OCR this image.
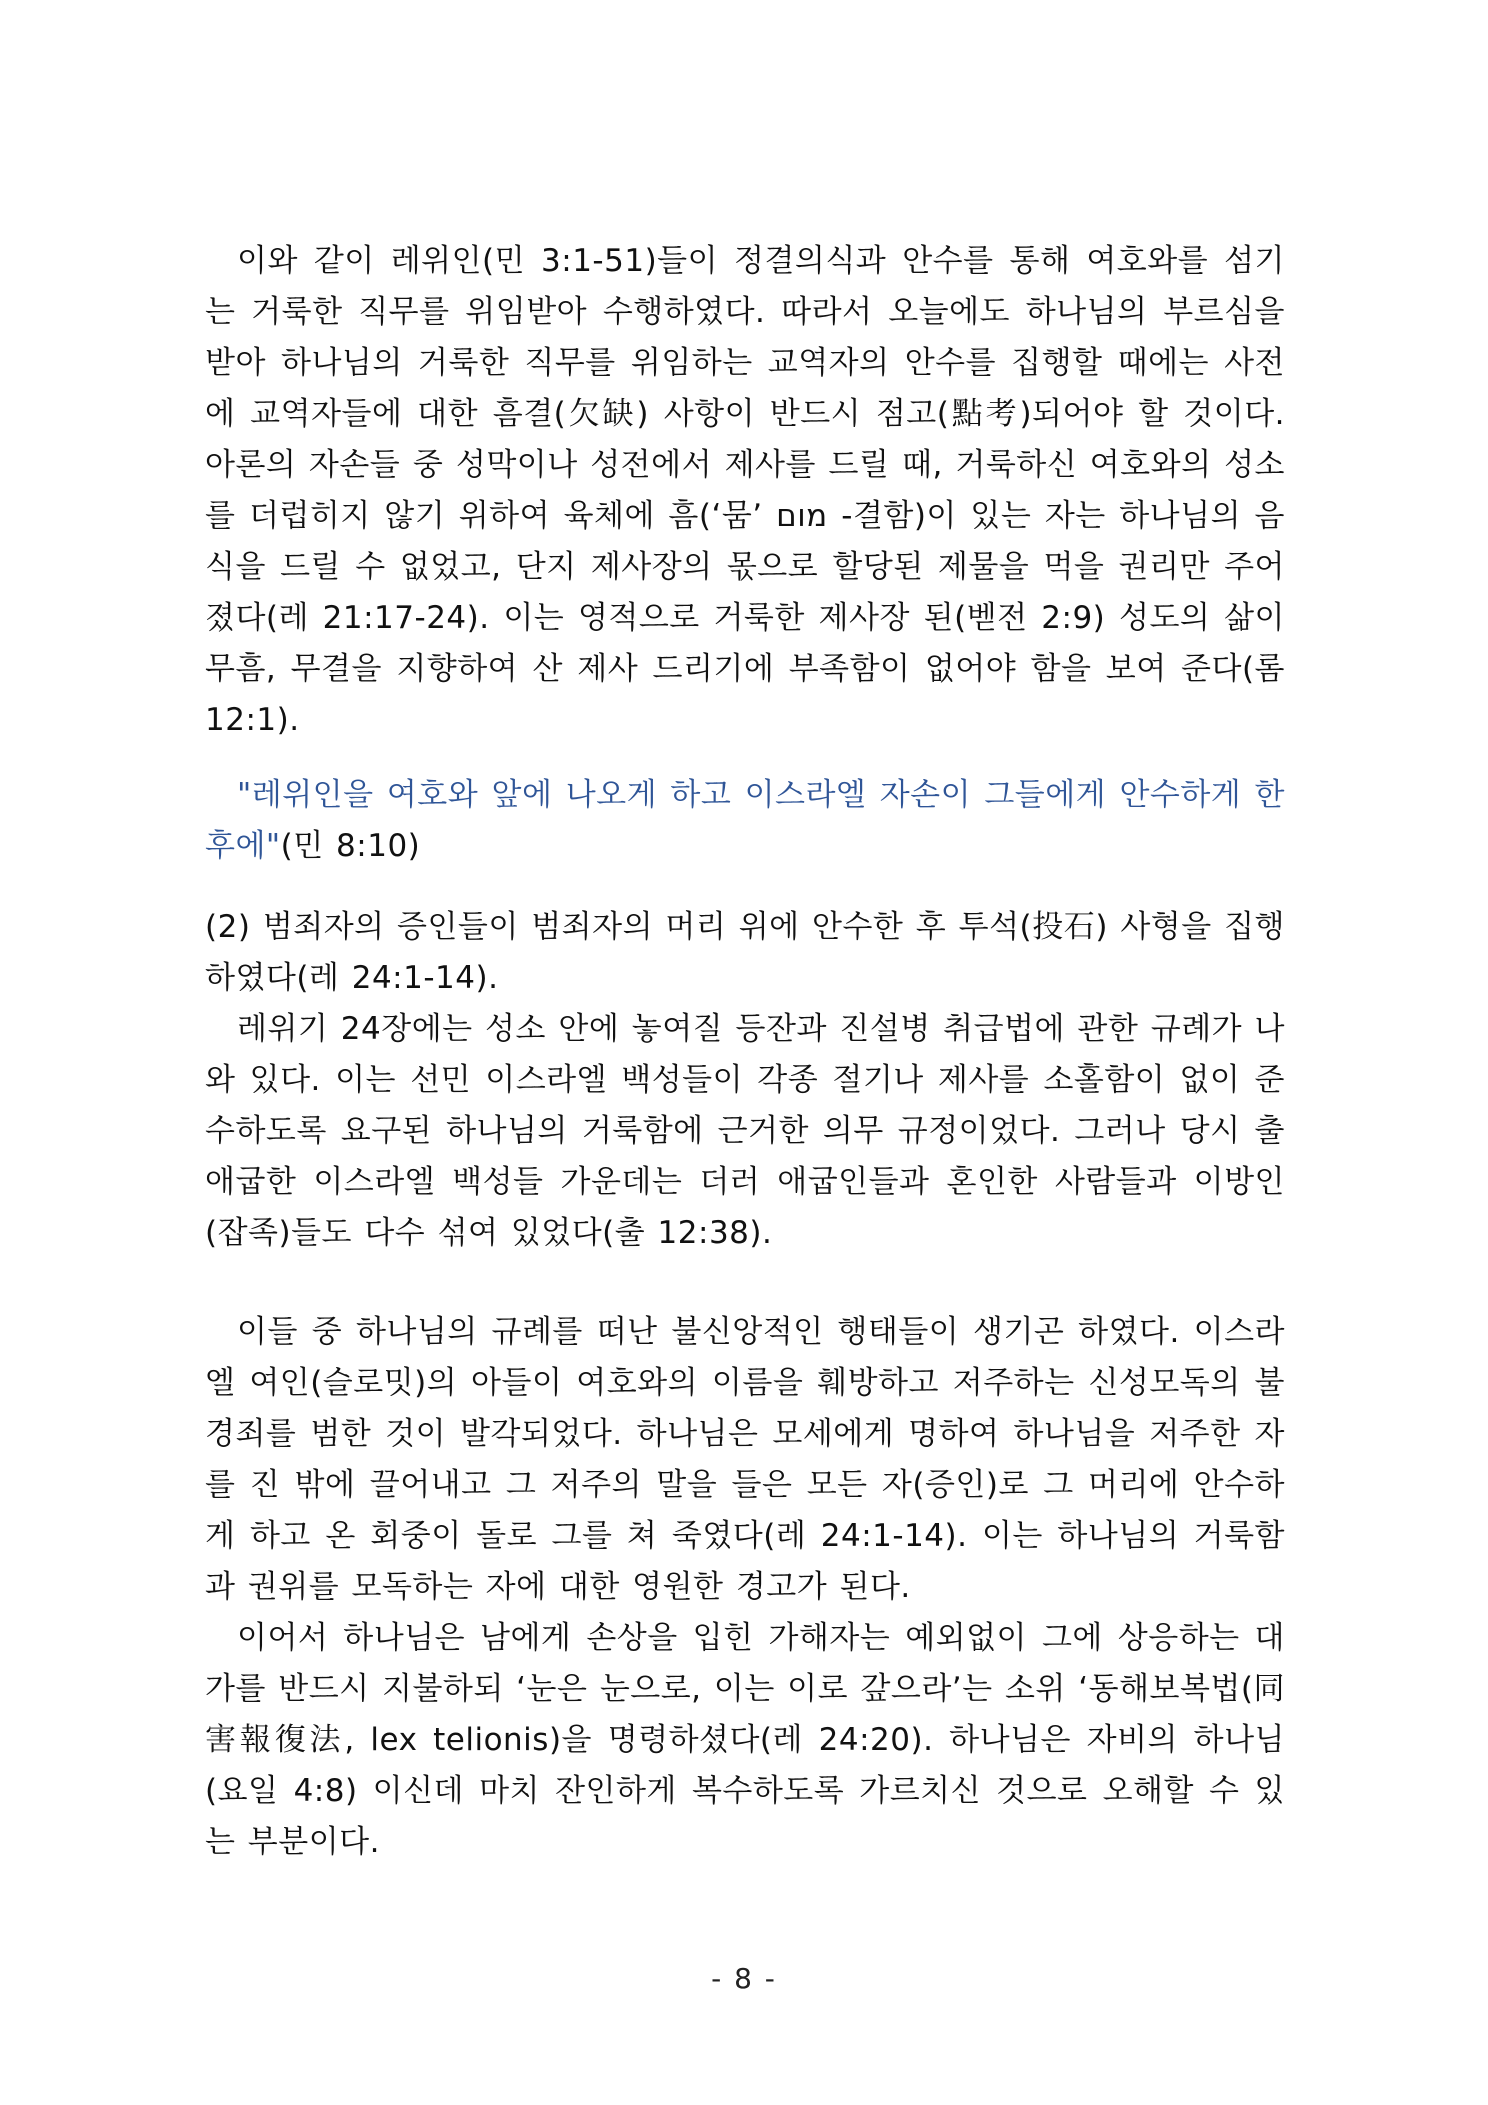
이와 같이 레위인(민 3:1-51)들이 정결의식과 안수를 통해 여호와를 섬기는 거룩한 직무를 위임받아 수행하였다. 따라서 오늘에도 하나님의 부르심을 받아 하나님의 거룩한 직무를 위임하는 교역자의 안수를 집행할 때에는 사전에 교역자들에 대한 흠결(欠缺) 사항이 반드시 점고(點考)되어야 할 것이다. 아론의 자손들 중 성막이나 성전에서 제사를 드릴 때, 거룩하신 여호와의 성소를 더럽히지 않기 위하여 육체에 흠(‘뭄’ מום -결함)이 있는 자는 하나님의 음식을 드릴 수 없었고, 단지 제사장의 몫으로 할당된 제물을 먹을 권리만 주어졌다(레 21:17-24). 이는 영적으로 거룩한 제사장 된(벧전 2:9) 성도의 삶이 무흠, 무결을 지향하여 산 제사 드리기에 부족함이 없어야 함을 보여 준다(롬 12:1).

"레위인을 여호와 앞에 나오게 하고 이스라엘 자손이 그들에게 안수하게 한 후에"(민 8:10)

(2) 범죄자의 증인들이 범죄자의 머리 위에 안수한 후 투석(投石) 사형을 집행하였다(레 24:1-14).

레위기 24장에는 성소 안에 놓여질 등잔과 진설병 취급법에 관한 규례가 나와 있다. 이는 선민 이스라엘 백성들이 각종 절기나 제사를 소홀함이 없이 준수하도록 요구된 하나님의 거룩함에 근거한 의무 규정이었다. 그러나 당시 출애굽한 이스라엘 백성들 가운데는 더러 애굽인들과 혼인한 사람들과 이방인(잡족)들도 다수 섞여 있었다(출 12:38).

이들 중 하나님의 규례를 떠난 불신앙적인 행태들이 생기곤 하였다. 이스라엘 여인(슬로밋)의 아들이 여호와의 이름을 훼방하고 저주하는 신성모독의 불경죄를 범한 것이 발각되었다. 하나님은 모세에게 명하여 하나님을 저주한 자를 진 밖에 끌어내고 그 저주의 말을 들은 모든 자(증인)로 그 머리에 안수하게 하고 온 회중이 돌로 그를 쳐 죽였다(레 24:1-14). 이는 하나님의 거룩함과 권위를 모독하는 자에 대한 영원한 경고가 된다.

이어서 하나님은 남에게 손상을 입힌 가해자는 예외없이 그에 상응하는 대가를 반드시 지불하되 ‘눈은 눈으로, 이는 이로 갚으라’는 소위 ‘동해보복법(同害報復法, lex telionis)을 명령하셨다(레 24:20). 하나님은 자비의 하나님(요일 4:8) 이신데 마치 잔인하게 복수하도록 가르치신 것으로 오해할 수 있는 부분이다.

- 8 -
